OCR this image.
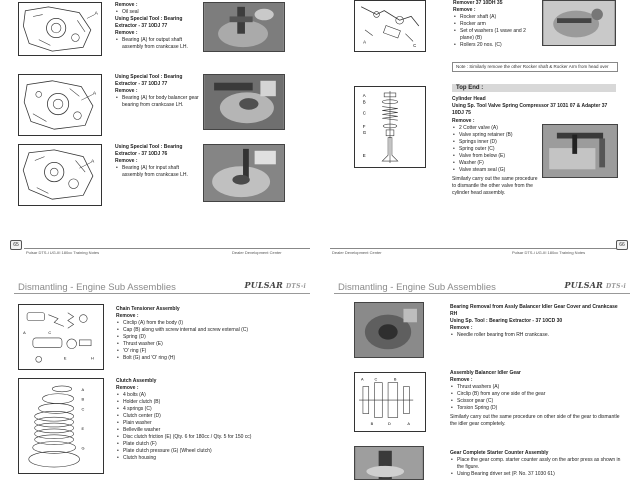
A
Remove :
• Oil seal
Using Special Tool : Bearing Extractor - 37 10DJ 77
Remove :
• Bearing (A) for output shaft assembly from crankcase LH.
A
Using Special Tool : Bearing Extractor - 37 10DJ 77
Remove :
• Bearing (A) for body balancer gear bearing from crankcase LH.
A
Using Special Tool : Bearing Extractor - 37 10DJ 76
Remove :
• Bearing (A) for input shaft assembly from crankcase LH.
65
Pulsar DTS-i UG-III 180cc Training Notes	Dealer Development Center
A
C
Remover 37 10DH 35
Remove :
• Rocker shaft (A)
• Rocker arm
• Set of washers (1 wave and 2 plane) (B)
• Rollers 20 nos. (C)
Note : Similarly remove the other Rocker shaft & Rocker Arm from head over
Top End :
A
B
C
F
G
E
Cylinder Head
Using Sp. Tool Valve Spring Compressor 37 1031 07 & Adapter 37 10DJ 75
Remove :
• 2 Cotter valve (A)
• Valve spring retainer (B)
• Springs inner (D)
• Spring outer (C)
• Valve from below (E)
• Washer (F)
• Valve steam seal (G)
Similarly carry out the same procedure to dismantle the other valve from the cylinder head assembly.
Dealer Development Center	Pulsar DTS-i UG-III 180cc Training Notes
66
Dismantling - Engine Sub Assemblies	PULSAR DTS-i
A	C
E	H
Chain Tensioner Assembly
Remove :
• Circlip (A) from the body (I)
• Cap (B) along with screw internal and screw external (C)
• Spring (D)
• Thrust washer (E)
• 'O' ring (F)
• Bolt (G) and 'O' ring (H)
A
B
C
E
G
Clutch Assembly
Remove :
• 4 bolts (A)
• Holder clutch (B)
• 4 springs (C)
• Clutch center (D)
• Plain washer
• Belleville washer
• Disc clutch friction (E) (Qty. 6 for 180cc / Qty. 5 for 150 cc)
• Plate clutch (F)
• Plate clutch pressure (G) (Wheel clutch)
• Clutch housing
Dismantling - Engine Sub Assemblies	PULSAR DTS-i
Bearing Removal from Assly Balancer Idler Gear Cover and Crankcase RH
Using Sp. Tool : Bearing Extractor - 37 10CD 30
Remove :
• Needle roller bearing from RH crankcase.
A	C	B
B	D	A
Assembly Balancer Idler Gear
Remove :
• Thrust washers (A)
• Circlip (B) from any one side of the gear
• Scissor gear (C)
• Torsion Spring (D)
Similarly carry out the same procedure on other side of the gear to dismantle the idler gear completely.
Gear Complete Starter Counter Assembly
• Place the gear comp. starter counter assly on the arbor press as shown in the figure.
• Using Bearing driver set (P. No. 37 1030 61)
